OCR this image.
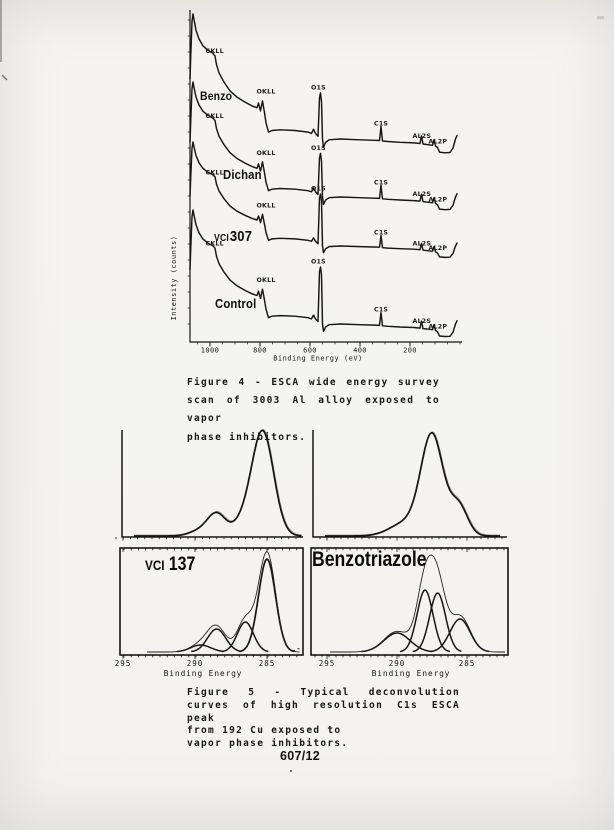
1000	800	600	400	200
Binding Energy (eV)
Intensity (counts)
CKLL
OKLL
O1S
C1S
AL2S
AL2P
Benzo
CKLL
OKLL
O1S
C1S
AL2S
AL2P
Dichan
CKLL
OKLL
O1S
C1S
AL2S
AL2P
VCI307
CKLL
OKLL
O1S
C1S
AL2S
AL2P
Control
295	290	285
Binding Energy
VCI 137
295	290	285
Binding Energy
Benzotriazole

Figure 4 - ESCA wide energy survey

scan of 3003 Al alloy exposed to vapor

phase inhibitors.

Figure 5 - Typical deconvolution

curves of high resolution C1s ESCA peak

from 192 Cu exposed to

vapor phase inhibitors.

607/12
